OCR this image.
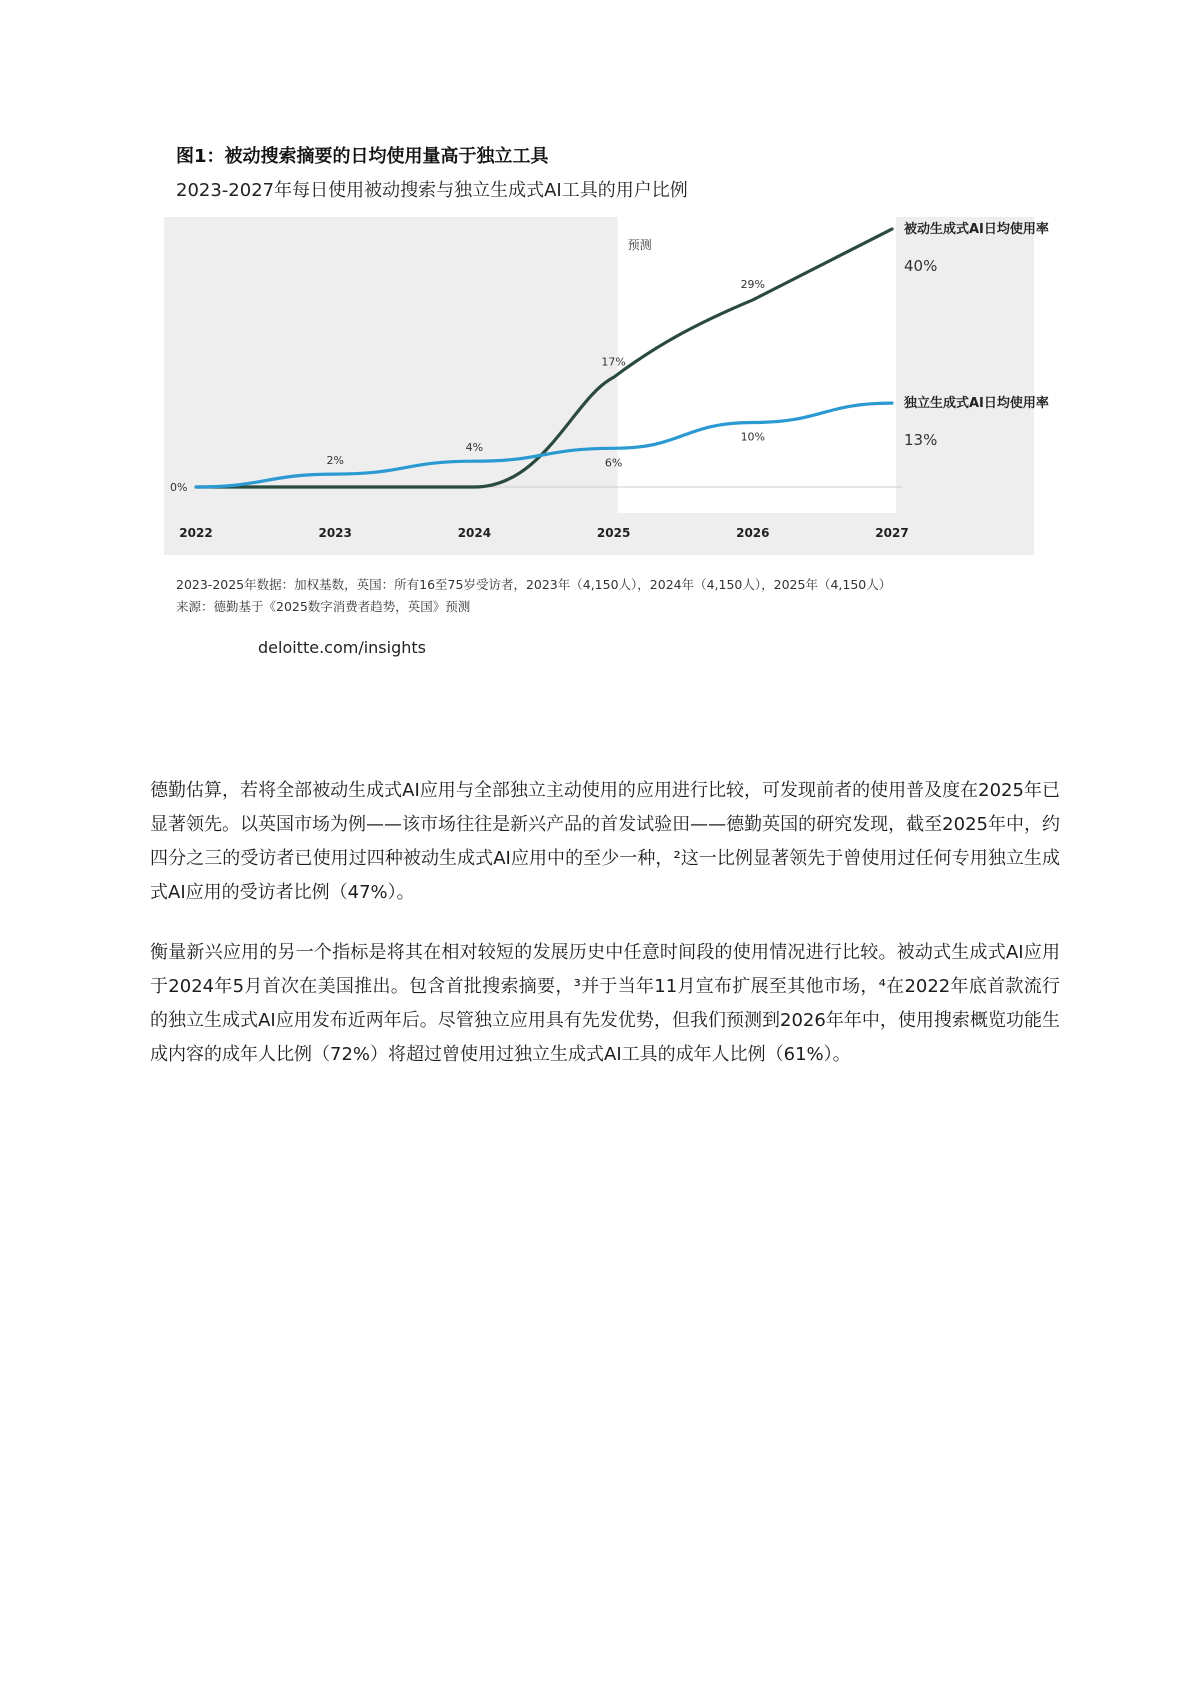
图1：被动搜索摘要的日均使用量高于独立工具
2023-2027年每日使用被动搜索与独立生成式AI工具的用户比例
预测
0%
2022	2023	2024	2025	2026	2027
17%
29%
被动生成式AI日均使用率
40%
2%
4%
6%
10%
独立生成式AI日均使用率
13%
2023-2025年数据：加权基数，英国：所有16至75岁受访者，2023年（4,150人），2024年（4,150人），2025年（4,150人）
来源：德勤基于《2025数字消费者趋势，英国》预测
deloitte.com/insights
德勤估算，若将全部被动生成式AI应用与全部独立主动使用的应用进行比较，可发现前者的使用普及度在2025年已显著领先。以英国市场为例——该市场往往是新兴产品的首发试验田——德勤英国的研究发现，截至2025年中，约四分之三的受访者已使用过四种被动生成式AI应用中的至少一种，²这一比例显著领先于曾使用过任何专用独立生成式AI应用的受访者比例（47%）。
衡量新兴应用的另一个指标是将其在相对较短的发展历史中任意时间段的使用情况进行比较。被动式生成式AI应用于2024年5月首次在美国推出。包含首批搜索摘要，³并于当年11月宣布扩展至其他市场，⁴在2022年底首款流行的独立生成式AI应用发布近两年后。尽管独立应用具有先发优势，但我们预测到2026年年中，使用搜索概览功能生成内容的成年人比例（72%）将超过曾使用过独立生成式AI工具的成年人比例（61%）。
